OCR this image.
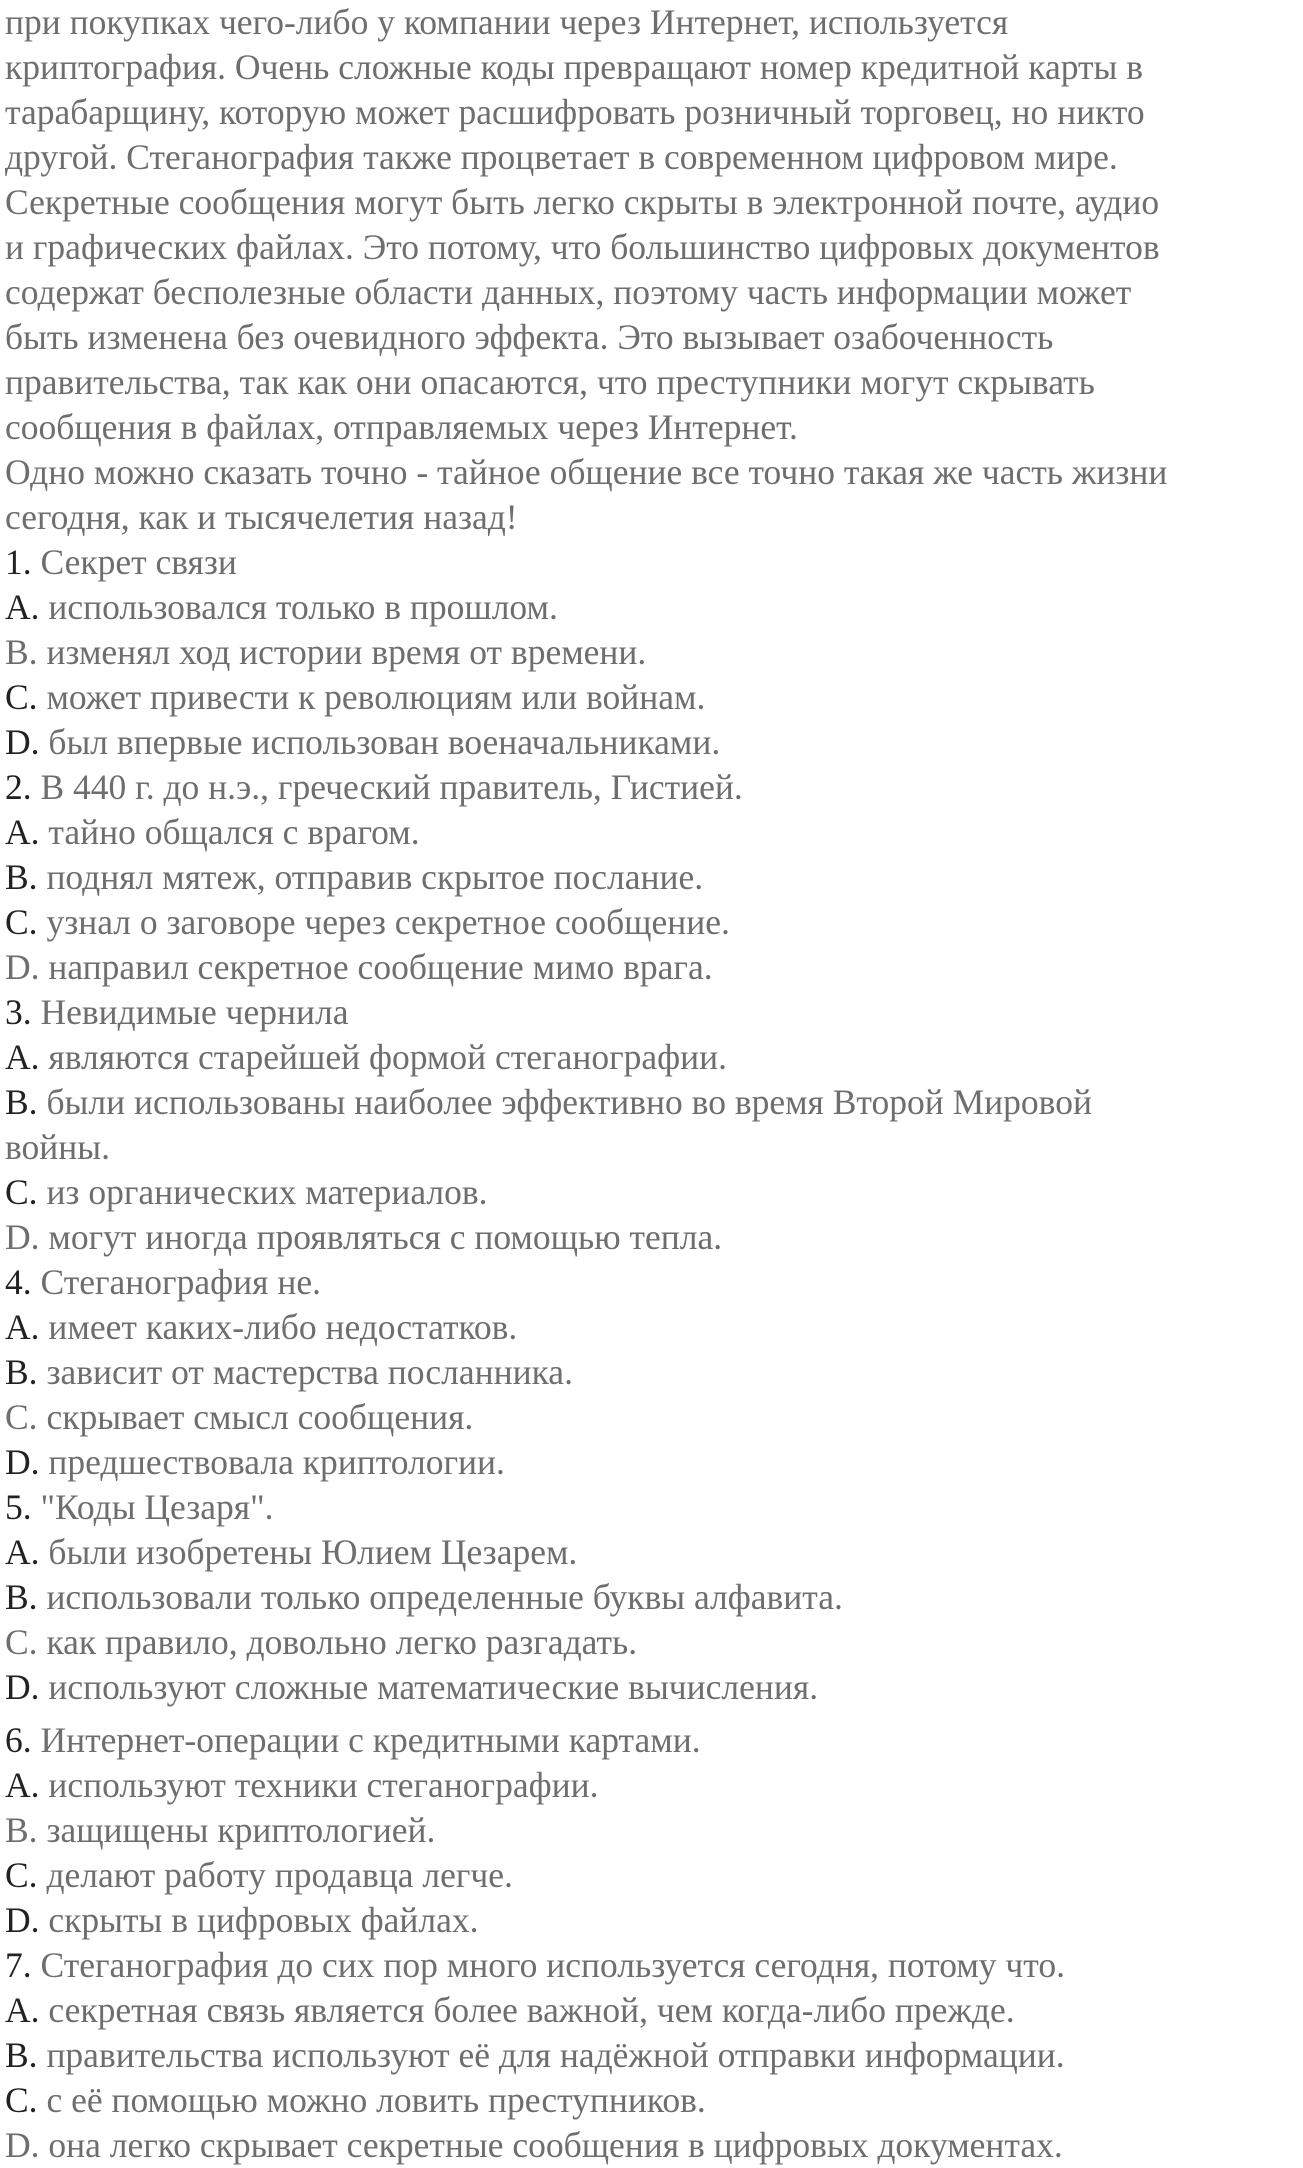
при покупках чего-либо у компании через Интернет, используется
криптография. Очень сложные коды превращают номер кредитной карты в
тарабарщину, которую может расшифровать розничный торговец, но никто
другой. Стеганография также процветает в современном цифровом мире.
Секретные сообщения могут быть легко скрыты в электронной почте, аудио
и графических файлах. Это потому, что большинство цифровых документов
содержат бесполезные области данных, поэтому часть информации может
быть изменена без очевидного эффекта. Это вызывает озабоченность
правительства, так как они опасаются, что преступники могут скрывать
сообщения в файлах, отправляемых через Интернет.
Одно можно сказать точно - тайное общение все точно такая же часть жизни
сегодня, как и тысячелетия назад!
1. Секрет связи
A. использовался только в прошлом.
B. изменял ход истории время от времени.
C. может привести к революциям или войнам.
D. был впервые использован военачальниками.
2. В 440 г. до н.э., греческий правитель, Гистией.
A. тайно общался с врагом.
B. поднял мятеж, отправив скрытое послание.
C. узнал о заговоре через секретное сообщение.
D. направил секретное сообщение мимо врага.
3. Невидимые чернила
A. являются старейшей формой стеганографии.
B. были использованы наиболее эффективно во время Второй Мировой
войны.
C. из органических материалов.
D. могут иногда проявляться с помощью тепла.
4. Стеганография не.
A. имеет каких-либо недостатков.
B. зависит от мастерства посланника.
C. скрывает смысл сообщения.
D. предшествовала криптологии.
5. "Коды Цезаря".
A. были изобретены Юлием Цезарем.
B. использовали только определенные буквы алфавита.
C. как правило, довольно легко разгадать.
D. используют сложные математические вычисления.
6. Интернет-операции с кредитными картами.
A. используют техники стеганографии.
B. защищены криптологией.
C. делают работу продавца легче.
D. скрыты в цифровых файлах.
7. Стеганография до сих пор много используется сегодня, потому что.
A. секретная связь является более важной, чем когда-либо прежде.
B. правительства используют её для надёжной отправки информации.
C. с её помощью можно ловить преступников.
D. она легко скрывает секретные сообщения в цифровых документах.
